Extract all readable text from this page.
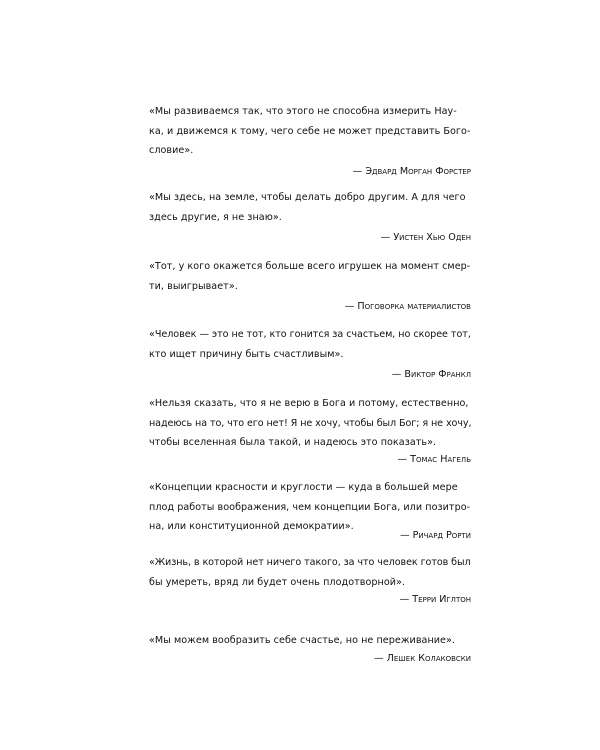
«Мы развиваемся так, что этого не способна измерить Нау-
ка, и движемся к тому, чего себе не может представить Бого-
словие».

— Эдвард Морган Форстер

«Мы здесь, на земле, чтобы делать добро другим. А для чего
здесь другие, я не знаю».

— Уистен Хью Оден

«Тот, у кого окажется больше всего игрушек на момент смер-
ти, выигрывает».

— Поговорка материалистов

«Человек — это не тот, кто гонится за счастьем, но скорее тот,
кто ищет причину быть счастливым».

— Виктор Франкл

«Нельзя сказать, что я не верю в Бога и потому, естественно,
надеюсь на то, что его нет! Я не хочу, чтобы был Бог; я не хочу,
чтобы вселенная была такой, и надеюсь это показать».

— Томас Нагель

«Концепции красности и круглости — куда в большей мере
плод работы воображения, чем концепции Бога, или позитро-
на, или конституционной демократии».

— Ричард Рорти

«Жизнь, в которой нет ничего такого, за что человек готов был
бы умереть, вряд ли будет очень плодотворной».

— Терри Иглтон

«Мы можем вообразить себе счастье, но не переживание».

— Лешек Колаковски
